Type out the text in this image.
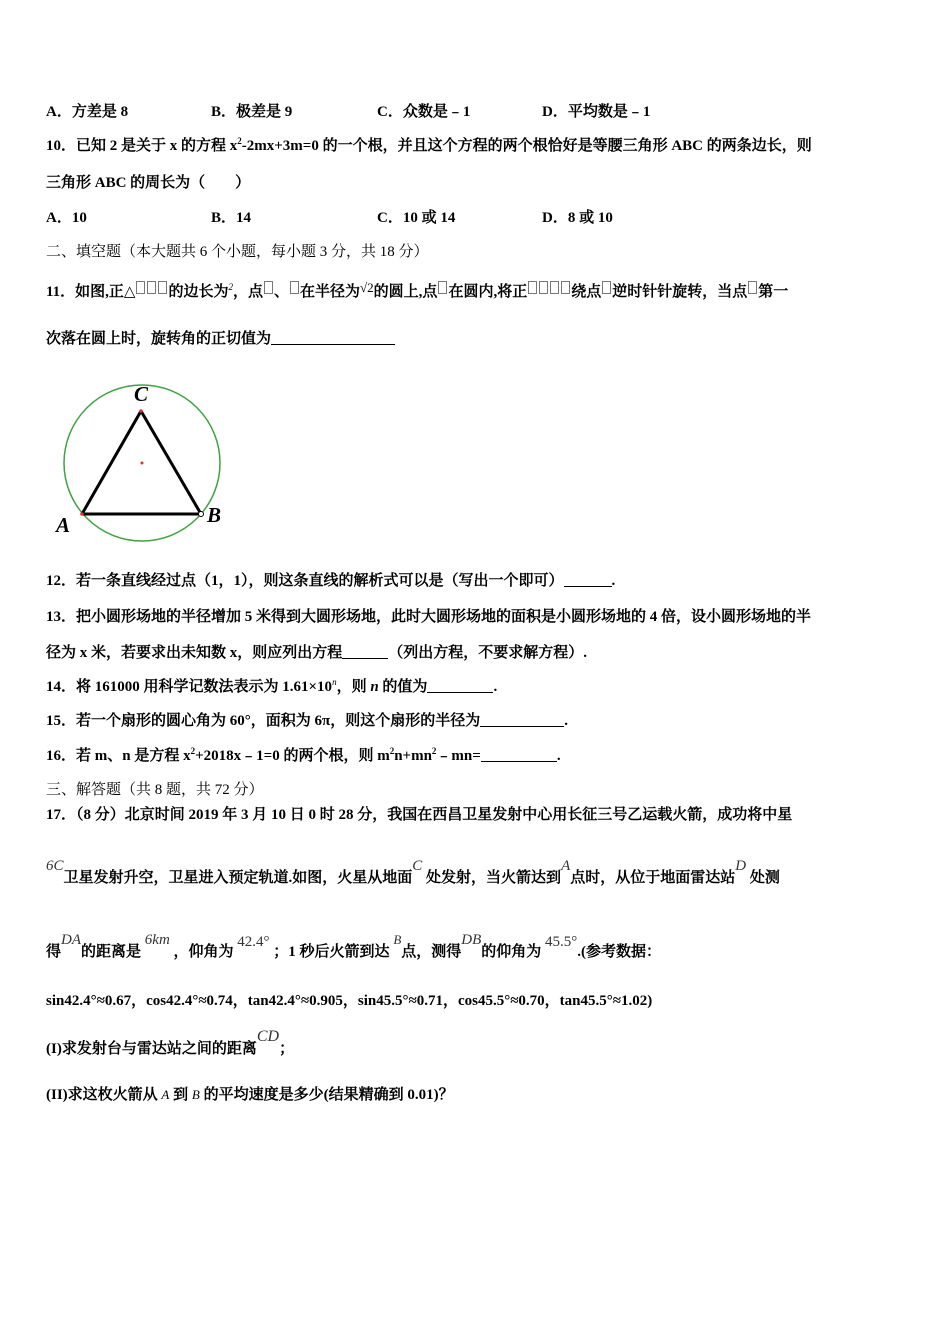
A．方差是 8	B．极差是 9	C．众数是﹣1	D．平均数是﹣1
10．已知 2 是关于 x 的方程 $x^2-2mx+3m=0$ 的一个根，并且这个方程的两个根恰好是等腰三角形 ABC 的两条边长，则
三角形 ABC 的周长为（　　）
A．10	B．14	C．10 或 14	D．8 或 10
二、填空题（本大题共 6 个小题，每小题 3 分，共 18 分）
11．如图,正△ 的边长为$^2$，点 、 在半径为√2的圆上,点 在圆内,将正	绕点 逆时针针旋转，当点 第一
次落在圆上时，旋转角的正切值为
C
A	B
12．若一条直线经过点（1，1），则这条直线的解析式可以是（写出一个即可）	.
13．把小圆形场地的半径增加 5 米得到大圆形场地，此时大圆形场地的面积是小圆形场地的 4 倍，设小圆形场地的半
径为 x 米，若要求出未知数 x，则应列出方程	（列出方程，不要求解方程）.
14．将 161000 用科学记数法表示为 $1.61\times 10^n$，则 n 的值为	.
15．若一个扇形的圆心角为 60°，面积为 6π，则这个扇形的半径为	.
16．若 m、n 是方程 $x^2+2018x﹣1=0$ 的两个根，则 $m^2n+mn^2﹣mn=$	.
三、解答题（共 8 题，共 72 分）
17．（8 分）北京时间 2019 年 3 月 10 日 0 时 28 分，我国在西昌卫星发射中心用长征三号乙运载火箭，成功将中星
6C卫星发射升空，卫星进入预定轨道.如图，火星从地面C 处发射，当火箭达到A点时，从位于地面雷达站D 处测
得DA的距离是 6km ，仰角为 42.4° ；1 秒后火箭到达 B点，测得DB的仰角为 45.5°.(参考数据：
sin42.4°≈0.67，cos42.4°≈0.74，tan42.4°≈0.905，sin45.5°≈0.71，cos45.5°≈0.70，tan45.5°≈1.02)
(I)求发射台与雷达站之间的距离CD；
(II)求这枚火箭从 A 到 B 的平均速度是多少(结果精确到 0.01)？
